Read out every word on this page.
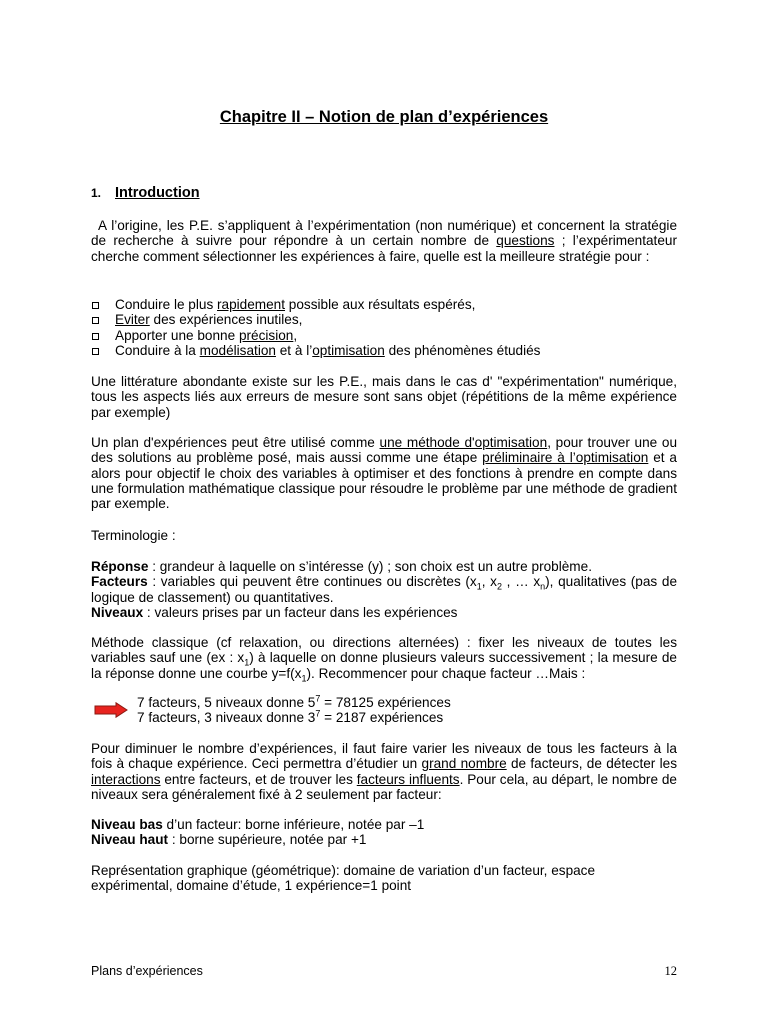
Chapitre II – Notion de plan d’expériences
1. Introduction
A l’origine, les P.E. s’appliquent à l’expérimentation (non numérique) et concernent la stratégie de recherche à suivre pour répondre à un certain nombre de questions ; l’expérimentateur cherche comment sélectionner les expériences à faire, quelle est la meilleure stratégie pour :
Conduire le plus rapidement possible aux résultats espérés,
Eviter des expériences inutiles,
Apporter une bonne précision,
Conduire à la modélisation et à l’optimisation des phénomènes étudiés
Une littérature abondante existe sur les P.E., mais dans le cas d' "expérimentation" numérique, tous les aspects liés aux erreurs de mesure sont sans objet (répétitions de la même expérience par exemple)
Un plan d'expériences peut être utilisé comme une méthode d'optimisation, pour trouver une ou des solutions au problème posé, mais aussi comme une étape préliminaire à l’optimisation et a alors pour objectif le choix des variables à optimiser et des fonctions à prendre en compte dans une formulation mathématique classique pour résoudre le problème par une méthode de gradient par exemple.
Terminologie :
Réponse : grandeur à laquelle on s’intéresse (y) ; son choix est un autre problème.
Facteurs : variables qui peuvent être continues ou discrètes ($x_1$, $x_2$ , … $x_n$), qualitatives (pas de logique de classement) ou quantitatives.
Niveaux : valeurs prises par un facteur dans les expériences
Méthode classique (cf relaxation, ou directions alternées) : fixer les niveaux de toutes les variables sauf une (ex : $x_1$) à laquelle on donne plusieurs valeurs successivement ; la mesure de la réponse donne une courbe $y=f(x_1)$. Recommencer pour chaque facteur …Mais :
7 facteurs, 5 niveaux donne $5^7 = 78125$ expériences
7 facteurs, 3 niveaux donne $3^7 = 2187$ expériences
Pour diminuer le nombre d’expériences, il faut faire varier les niveaux de tous les facteurs à la fois à chaque expérience. Ceci permettra d’étudier un grand nombre de facteurs, de détecter les interactions entre facteurs, et de trouver les facteurs influents. Pour cela, au départ, le nombre de niveaux sera généralement fixé à 2 seulement par facteur:
Niveau bas d’un facteur: borne inférieure, notée par –1
Niveau haut : borne supérieure, notée par +1
Représentation graphique (géométrique): domaine de variation d’un facteur, espace expérimental, domaine d’étude, 1 expérience=1 point
Plans d’expériences	12
